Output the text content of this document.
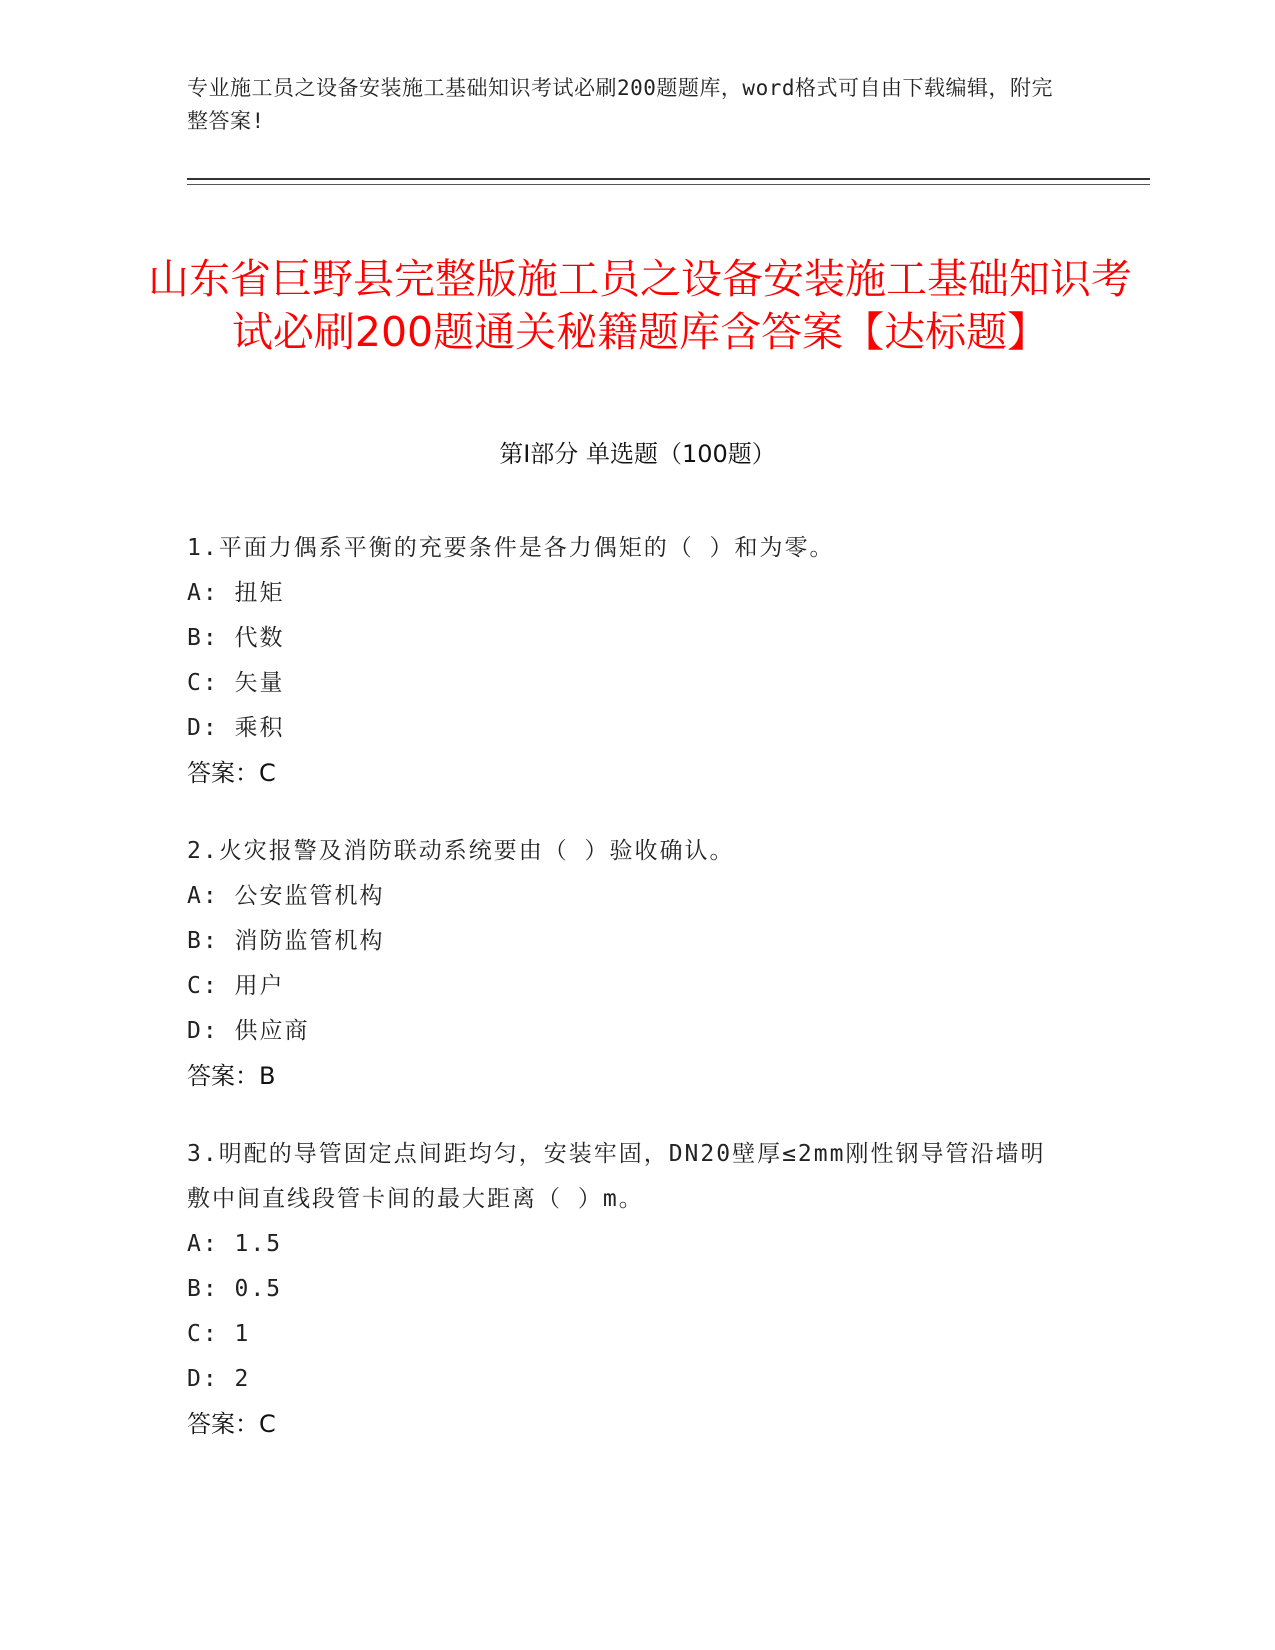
专业施工员之设备安装施工基础知识考试必刷200题题库，word格式可自由下载编辑，附完整答案!
山东省巨野县完整版施工员之设备安装施工基础知识考试必刷200题通关秘籍题库含答案【达标题】
第Ⅰ部分 单选题（100题）
1.平面力偶系平衡的充要条件是各力偶矩的（ ）和为零。
A: 扭矩
B: 代数
C: 矢量
D: 乘积
答案：C
2.火灾报警及消防联动系统要由（ ）验收确认。
A: 公安监管机构
B: 消防监管机构
C: 用户
D: 供应商
答案：B
3.明配的导管固定点间距均匀，安装牢固，DN20壁厚≤2mm刚性钢导管沿墙明敷中间直线段管卡间的最大距离（ ）m。
A: 1.5
B: 0.5
C: 1
D: 2
答案：C
